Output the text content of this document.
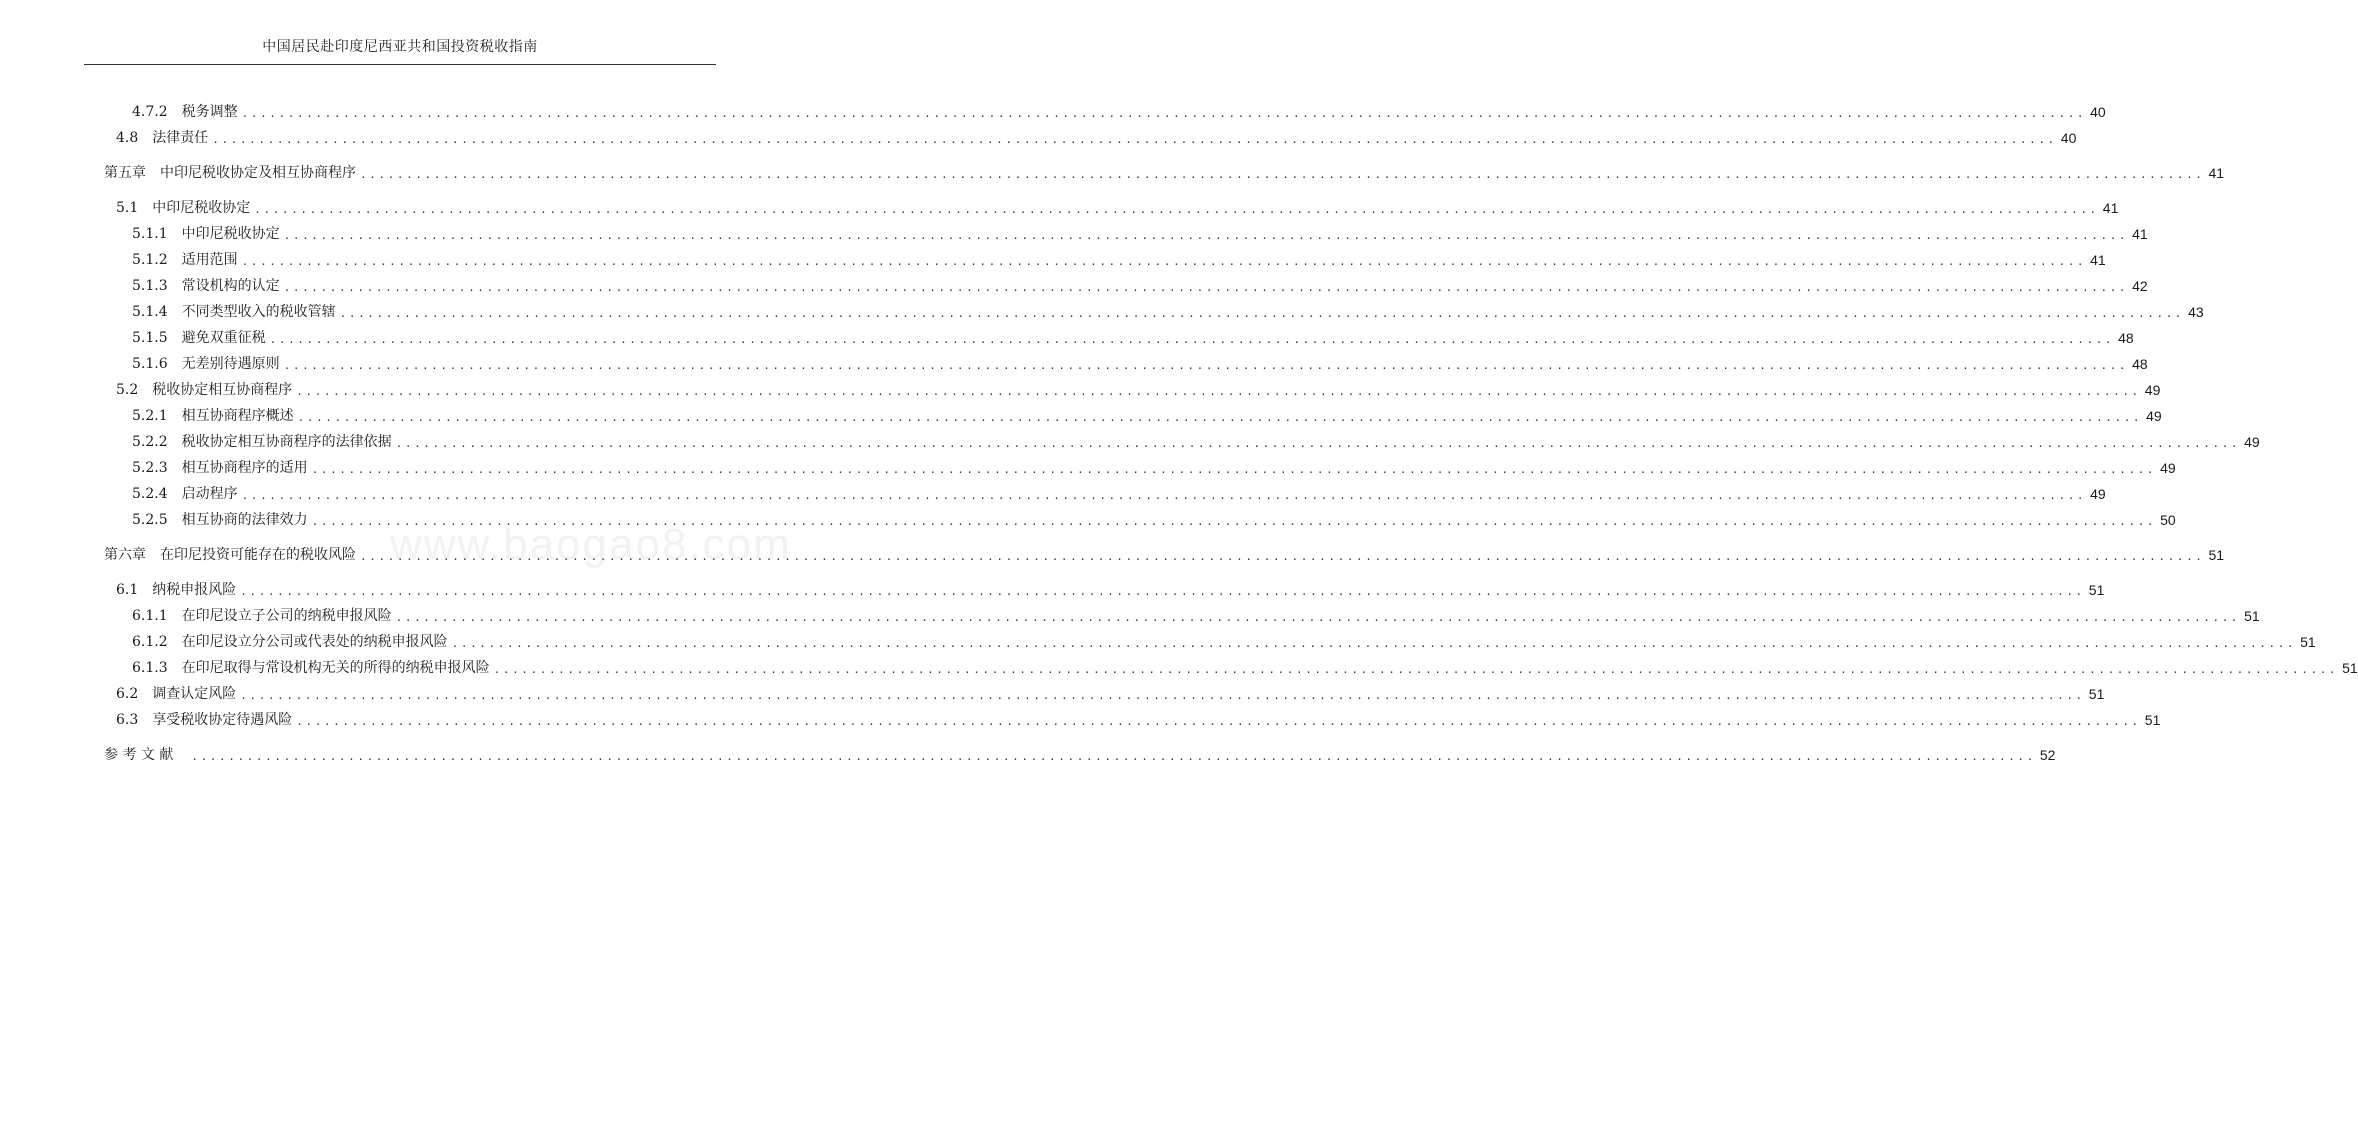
中国居民赴印度尼西亚共和国投资税收指南
4.7.2 税务调整 ........................................................................................................................................................................................................ 40
4.8 法律责任 ........................................................................................................................................................................................................ 40
第五章 中印尼税收协定及相互协商程序 ........................................................................................................................................................................................................ 41
5.1 中印尼税收协定 ........................................................................................................................................................................................................ 41
5.1.1 中印尼税收协定 ........................................................................................................................................................................................................ 41
5.1.2 适用范围 ........................................................................................................................................................................................................ 41
5.1.3 常设机构的认定 ........................................................................................................................................................................................................ 42
5.1.4 不同类型收入的税收管辖 ........................................................................................................................................................................................................ 43
5.1.5 避免双重征税 ........................................................................................................................................................................................................ 48
5.1.6 无差别待遇原则 ........................................................................................................................................................................................................ 48
5.2 税收协定相互协商程序 ........................................................................................................................................................................................................ 49
5.2.1 相互协商程序概述 ........................................................................................................................................................................................................ 49
5.2.2 税收协定相互协商程序的法律依据 ........................................................................................................................................................................................................ 49
5.2.3 相互协商程序的适用 ........................................................................................................................................................................................................ 49
5.2.4 启动程序 ........................................................................................................................................................................................................ 49
5.2.5 相互协商的法律效力 ........................................................................................................................................................................................................ 50
第六章 在印尼投资可能存在的税收风险 ........................................................................................................................................................................................................ 51
6.1 纳税申报风险 ........................................................................................................................................................................................................ 51
6.1.1 在印尼设立子公司的纳税申报风险 ........................................................................................................................................................................................................ 51
6.1.2 在印尼设立分公司或代表处的纳税申报风险 ........................................................................................................................................................................................................ 51
6.1.3 在印尼取得与常设机构无关的所得的纳税申报风险 ........................................................................................................................................................................................................ 51
6.2 调查认定风险 ........................................................................................................................................................................................................ 51
6.3 享受税收协定待遇风险 ........................................................................................................................................................................................................ 51
参 考 文 献 ........................................................................................................................................................................................................ 52
www.baogao8.com
